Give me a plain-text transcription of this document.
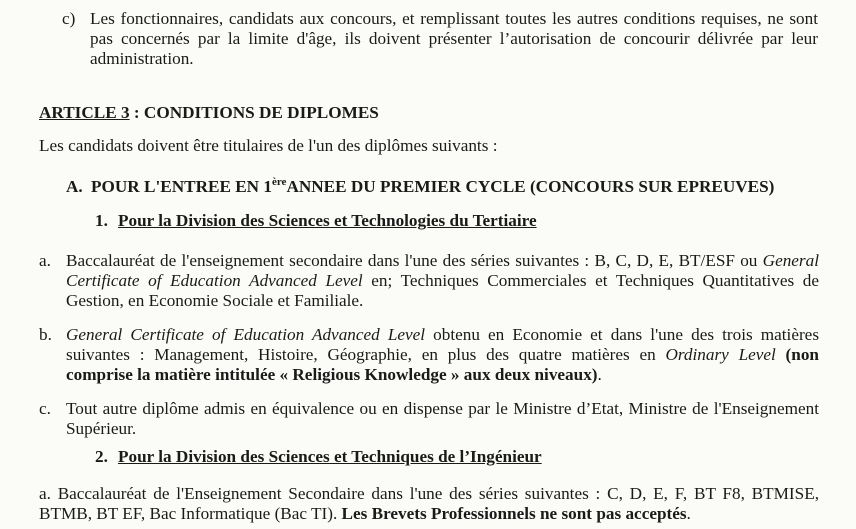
c) Les fonctionnaires, candidats aux concours, et remplissant toutes les autres conditions requises, ne sont
pas concernés par la limite d'âge, ils doivent présenter l’autorisation de concourir délivrée par leur
administration.
ARTICLE 3 : CONDITIONS DE DIPLOMES
Les candidats doivent être titulaires de l'un des diplômes suivants :
A. POUR L'ENTREE EN 1èreANNEE DU PREMIER CYCLE (CONCOURS SUR EPREUVES)
1. Pour la Division des Sciences et Technologies du Tertiaire
a. Baccalauréat de l'enseignement secondaire dans l'une des séries suivantes : B, C, D, E, BT/ESF ou General
Certificate of Education Advanced Level en; Techniques Commerciales et Techniques Quantitatives de
Gestion, en Economie Sociale et Familiale.
b. General Certificate of Education Advanced Level obtenu en Economie et dans l'une des trois matières
suivantes : Management, Histoire, Géographie, en plus des quatre matières en Ordinary Level (non
comprise la matière intitulée « Religious Knowledge » aux deux niveaux).
c. Tout autre diplôme admis en équivalence ou en dispense par le Ministre d’Etat, Ministre de l'Enseignement
Supérieur.
2. Pour la Division des Sciences et Techniques de l’Ingénieur
a. Baccalauréat de l'Enseignement Secondaire dans l'une des séries suivantes : C, D, E, F, BT F8, BTMISE,
BTMB, BT EF, Bac Informatique (Bac TI). Les Brevets Professionnels ne sont pas acceptés.
